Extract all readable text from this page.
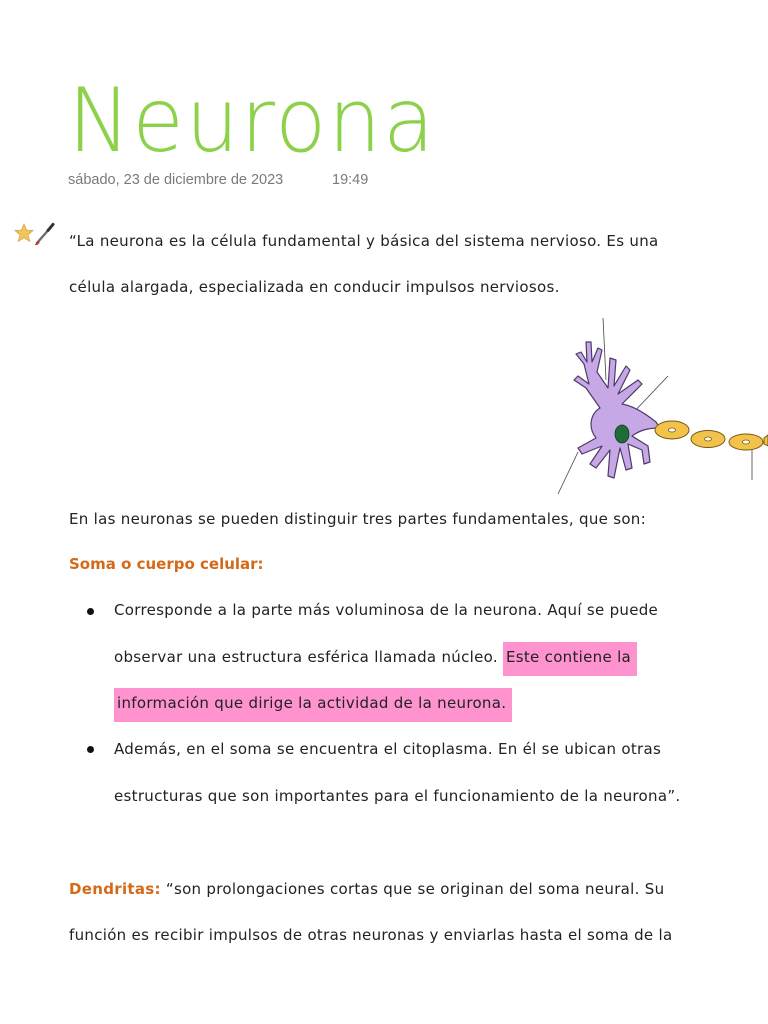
Neurona
sábado, 23 de diciembre de 2023	19:49
“La neurona es la célula fundamental y básica del sistema nervioso. Es una
célula alargada, especializada en conducir impulsos nerviosos.
En las neuronas se pueden distinguir tres partes fundamentales, que son:
Soma o cuerpo celular:
Corresponde a la parte más voluminosa de la neurona. Aquí se puede
observar una estructura esférica llamada núcleo. Este contiene la
información que dirige la actividad de la neurona.
Además, en el soma se encuentra el citoplasma. En él se ubican otras
estructuras que son importantes para el funcionamiento de la neurona”.
Dendritas: “son prolongaciones cortas que se originan del soma neural. Su
función es recibir impulsos de otras neuronas y enviarlas hasta el soma de la
